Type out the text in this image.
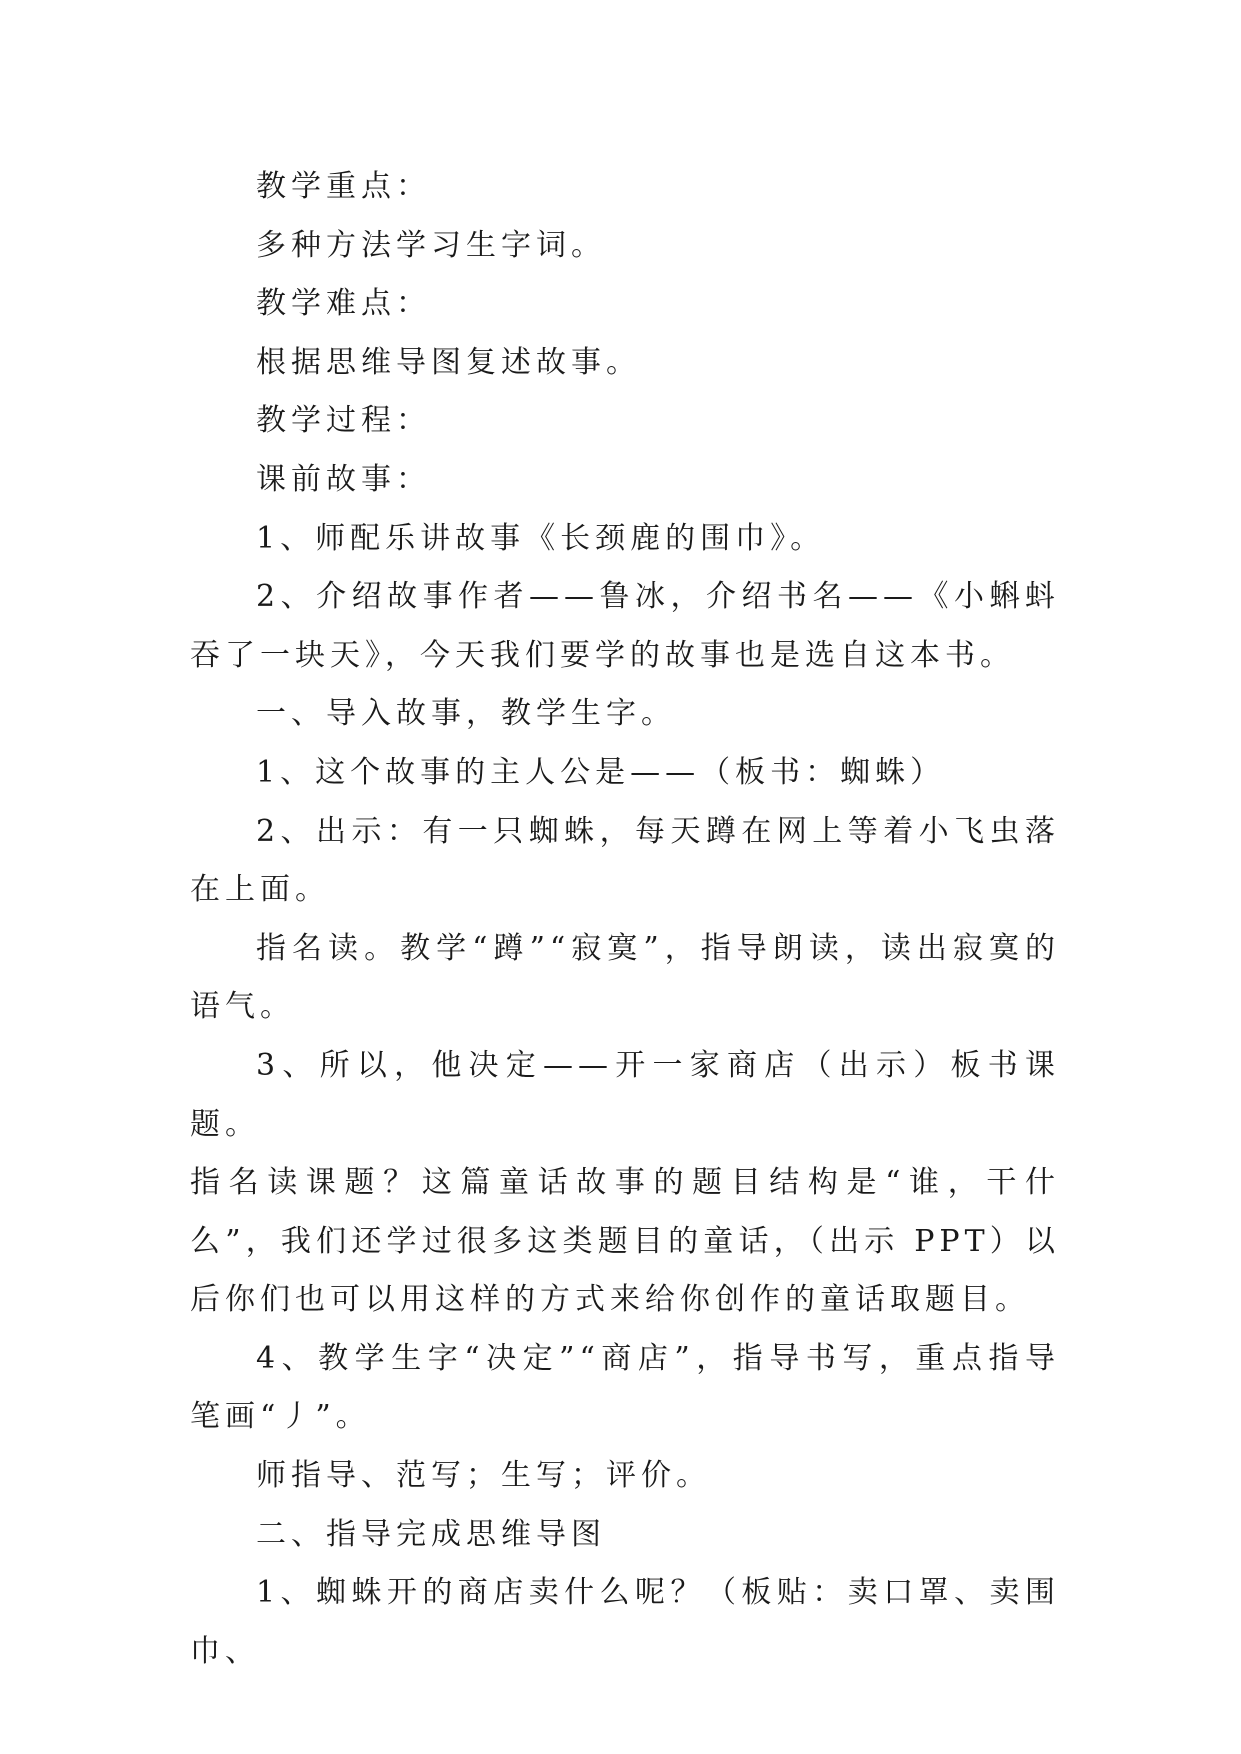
教学重点：

多种方法学习生字词。

教学难点：

根据思维导图复述故事。

教学过程：

课前故事：

1、师配乐讲故事《长颈鹿的围巾》。

2、介绍故事作者——鲁冰，介绍书名——《小蝌蚪吞了一块天》，今天我们要学的故事也是选自这本书。

一、导入故事，教学生字。

1、这个故事的主人公是——（板书：蜘蛛）

2、出示：有一只蜘蛛，每天蹲在网上等着小飞虫落在上面。

指名读。教学“蹲”“寂寞”，指导朗读，读出寂寞的语气。

3、所以，他决定——开一家商店（出示）板书课题。

指名读课题？这篇童话故事的题目结构是“谁，干什么”，我们还学过很多这类题目的童话，（出示 PPT）以后你们也可以用这样的方式来给你创作的童话取题目。

4、教学生字“决定”“商店”，指导书写，重点指导笔画“丿”。

师指导、范写；生写；评价。

二、指导完成思维导图

1、蜘蛛开的商店卖什么呢？（板贴：卖口罩、卖围巾、
